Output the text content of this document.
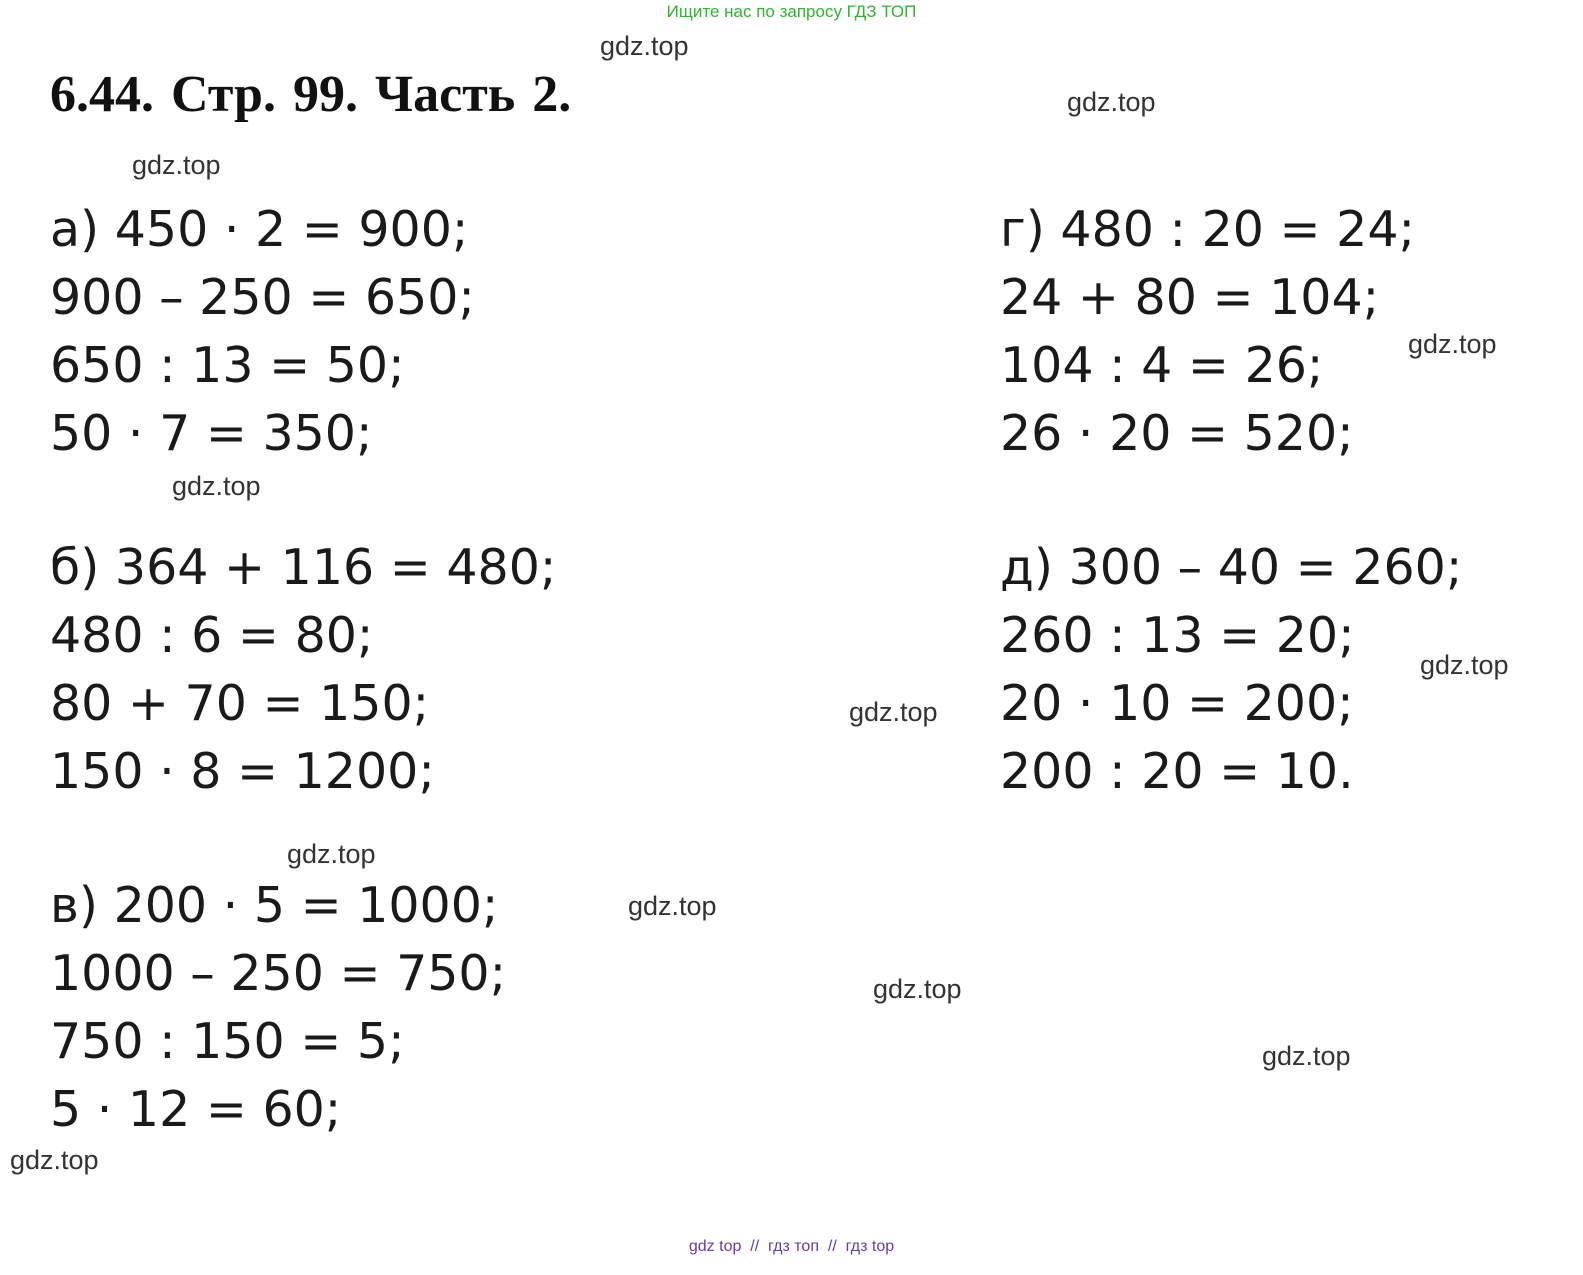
Ищите нас по запросу ГДЗ ТОП
6.44. Стр. 99. Часть 2.
gdz.top
gdz.top
gdz.top
gdz.top
gdz.top
gdz.top
gdz.top
gdz.top
gdz.top
gdz.top
gdz.top
gdz.top
а) 450 · 2 = 900;
900 – 250 = 650;
650 : 13 = 50;
50 · 7 = 350;
б) 364 + 116 = 480;
480 : 6 = 80;
80 + 70 = 150;
150 · 8 = 1200;
в) 200 · 5 = 1000;
1000 – 250 = 750;
750 : 150 = 5;
5 · 12 = 60;
г) 480 : 20 = 24;
24 + 80 = 104;
104 : 4 = 26;
26 · 20 = 520;
д) 300 – 40 = 260;
260 : 13 = 20;
20 · 10 = 200;
200 : 20 = 10.
gdz top  //  гдз топ  //  гдз top
